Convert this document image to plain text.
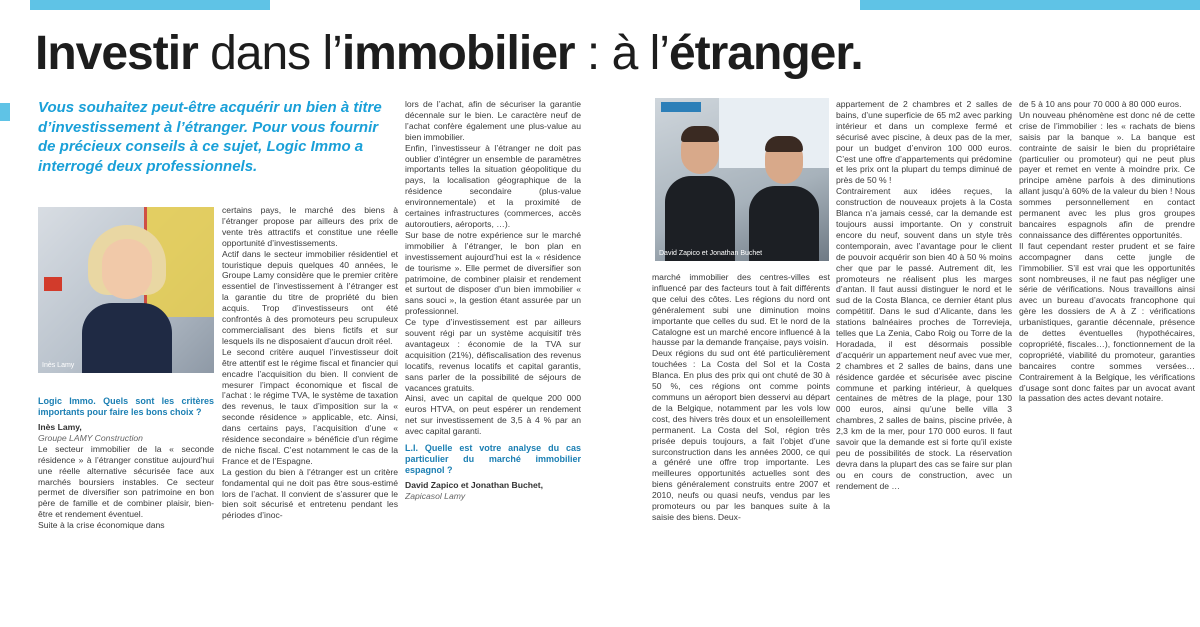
Investir dans l’immobilier : à l’étranger.

Vous souhaitez peut-être acquérir un bien à titre d’investissement à l’étranger. Pour vous fournir de précieux conseils à ce sujet, Logic Immo a interrogé deux professionnels.

Inès Lamy

Logic Immo. Quels sont les critères importants pour faire les bons choix ?

Inès Lamy,

Groupe LAMY Construction

Le secteur immobilier de la « seconde résidence » à l’étranger constitue aujourd’hui une réelle alternative sécurisée face aux marchés boursiers instables. Ce secteur permet de diversifier son patrimoine en bon père de famille et de combiner plaisir, bien-être et rendement éventuel.

Suite à la crise économique dans

certains pays, le marché des biens à l’étranger propose par ailleurs des prix de vente très attractifs et constitue une réelle opportunité d’investissements.

Actif dans le secteur immobilier résidentiel et touristique depuis quelques 40 années, le Groupe Lamy considère que le premier critère essentiel de l’investissement à l’étranger est la garantie du titre de propriété du bien acquis. Trop d’investisseurs ont été confrontés à des promoteurs peu scrupuleux commercialisant des biens fictifs et sur lesquels ils ne disposaient d’aucun droit réel.

Le second critère auquel l’investisseur doit être attentif est le régime fiscal et financier qui encadre l’acquisition du bien. Il convient de mesurer l’impact économique et fiscal de l’achat : le régime TVA, le système de taxation des revenus, le taux d’imposition sur la « seconde résidence » applicable, etc. Ainsi, dans certains pays, l’acquisition d’une « résidence secondaire » bénéficie d’un régime de niche fiscal. C’est notamment le cas de la France et de l’Espagne.

La gestion du bien à l’étranger est un critère fondamental qui ne doit pas être sous-estimé lors de l’achat. Il convient de s’assurer que le bien soit sécurisé et entretenu pendant les périodes d’inoc-

lors de l’achat, afin de sécuriser la garantie décennale sur le bien. Le caractère neuf de l’achat confère également une plus-value au bien immobilier.

Enfin, l’investisseur à l’étranger ne doit pas oublier d’intégrer un ensemble de paramètres importants telles la situation géopolitique du pays, la localisation géographique de la résidence secondaire (plus-value environnementale) et la proximité de certaines infrastructures (commerces, accès autoroutiers, aéroports, …).

Sur base de notre expérience sur le marché immobilier à l’étranger, le bon plan en investissement aujourd’hui est la « résidence de tourisme ». Elle permet de diversifier son patrimoine, de combiner plaisir et rendement et surtout de disposer d’un bien immobilier « sans souci », la gestion étant assurée par un professionnel.

Ce type d’investissement est par ailleurs souvent régi par un système acquisitif très avantageux : économie de la TVA sur acquisition (21%), défiscalisation des revenus locatifs, revenus locatifs et capital garantis, sans parler de la possibilité de séjours de vacances gratuits.

Ainsi, avec un capital de quelque 200 000 euros HTVA, on peut espérer un rendement net sur investissement de 3,5 à 4 % par an avec capital garanti.

L.I. Quelle est votre analyse du cas particulier du marché immobilier espagnol ?

David Zapico et Jonathan Buchet,

Zapicasol Lamy

David Zapico et Jonathan Buchet

marché immobilier des centres-villes est influencé par des facteurs tout à fait différents que celui des côtes. Les régions du nord ont généralement subi une diminution moins importante que celles du sud. Et le nord de la Catalogne est un marché encore influencé à la hausse par la demande française, pays voisin.

Deux régions du sud ont été particulièrement touchées : La Costa del Sol et la Costa Blanca. En plus des prix qui ont chuté de 30 à 50 %, ces régions ont comme points communs un aéroport bien desservi au départ de la Belgique, notamment par les vols low cost, des hivers très doux et un ensoleillement permanent. La Costa del Sol, région très prisée depuis toujours, a fait l’objet d’une surconstruction dans les années 2000, ce qui a généré une offre trop importante. Les meilleures opportunités actuelles sont des biens généralement construits entre 2007 et 2010, neufs ou quasi neufs, vendus par les promoteurs ou par les banques suite à la saisie des biens. Deux-

appartement de 2 chambres et 2 salles de bains, d’une superficie de 65 m2 avec parking intérieur et dans un complexe fermé et sécurisé avec piscine, à deux pas de la mer, pour un budget d’environ 100 000 euros. C’est une offre d’appartements qui prédomine et les prix ont la plupart du temps diminué de près de 50 % !

Contrairement aux idées reçues, la construction de nouveaux projets à la Costa Blanca n’a jamais cessé, car la demande est toujours aussi importante. On y construit encore du neuf, souvent dans un style très contemporain, avec l’avantage pour le client de pouvoir acquérir son bien 40 à 50 % moins cher que par le passé. Autrement dit, les promoteurs ne réalisent plus les marges d’antan. Il faut aussi distinguer le nord et le sud de la Costa Blanca, ce dernier étant plus compétitif. Dans le sud d’Alicante, dans les stations balnéaires proches de Torrevieja, telles que La Zenia, Cabo Roig ou Torre de la Horadada, il est désormais possible d’acquérir un appartement neuf avec vue mer, 2 chambres et 2 salles de bains, dans une résidence gardée et sécurisée avec piscine commune et parking intérieur, à quelques centaines de mètres de la plage, pour 130 000 euros, ainsi qu’une belle villa 3 chambres, 2 salles de bains, piscine privée, à 2,3 km de la mer, pour 170 000 euros. Il faut savoir que la demande est si forte qu’il existe peu de possibilités de stock. La réservation devra dans la plupart des cas se faire sur plan ou en cours de construction, avec un rendement de …

de 5 à 10 ans pour 70 000 à 80 000 euros.

Un nouveau phénomène est donc né de cette crise de l’immobilier : les « rachats de biens saisis par la banque ». La banque est contrainte de saisir le bien du propriétaire (particulier ou promoteur) qui ne peut plus payer et remet en vente à moindre prix. Ce principe amène parfois à des diminutions allant jusqu’à 60% de la valeur du bien ! Nous sommes personnellement en contact permanent avec les plus gros groupes bancaires espagnols afin de prendre connaissance des différentes opportunités.

Il faut cependant rester prudent et se faire accompagner dans cette jungle de l’immobilier. S’il est vrai que les opportunités sont nombreuses, il ne faut pas négliger une série de vérifications. Nous travaillons ainsi avec un bureau d’avocats francophone qui gère les dossiers de A à Z : vérifications urbanistiques, garantie décennale, présence de dettes éventuelles (hypothécaires, copropriété, fiscales…), fonctionnement de la copropriété, viabilité du promoteur, garanties bancaires contre sommes versées… Contrairement à la Belgique, les vérifications d’usage sont donc faites par un avocat avant la passation des actes devant notaire.
